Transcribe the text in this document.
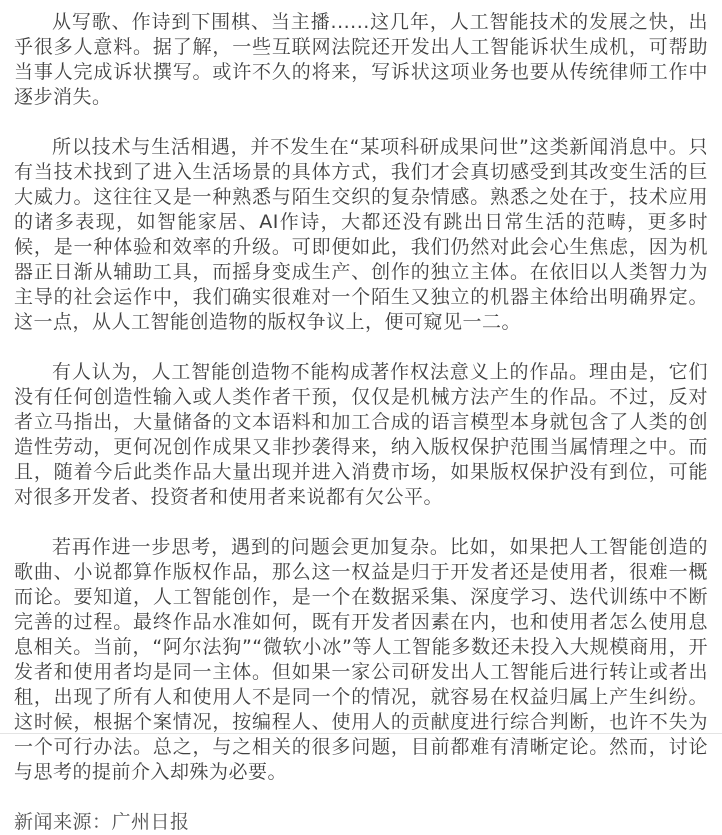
从写歌、作诗到下围棋、当主播......这几年，人工智能技术的发展之快，出乎很多人意料。据了解，一些互联网法院还开发出人工智能诉状生成机，可帮助当事人完成诉状撰写。或许不久的将来，写诉状这项业务也要从传统律师工作中逐步消失。

所以技术与生活相遇，并不发生在“某项科研成果问世”这类新闻消息中。只有当技术找到了进入生活场景的具体方式，我们才会真切感受到其改变生活的巨大威力。这往往又是一种熟悉与陌生交织的复杂情感。熟悉之处在于，技术应用的诸多表现，如智能家居、AI作诗，大都还没有跳出日常生活的范畴，更多时候，是一种体验和效率的升级。可即便如此，我们仍然对此会心生焦虑，因为机器正日渐从辅助工具，而摇身变成生产、创作的独立主体。在依旧以人类智力为主导的社会运作中，我们确实很难对一个陌生又独立的机器主体给出明确界定。这一点，从人工智能创造物的版权争议上，便可窥见一二。

有人认为，人工智能创造物不能构成著作权法意义上的作品。理由是，它们没有任何创造性输入或人类作者干预，仅仅是机械方法产生的作品。不过，反对者立马指出，大量储备的文本语料和加工合成的语言模型本身就包含了人类的创造性劳动，更何况创作成果又非抄袭得来，纳入版权保护范围当属情理之中。而且，随着今后此类作品大量出现并进入消费市场，如果版权保护没有到位，可能对很多开发者、投资者和使用者来说都有欠公平。

若再作进一步思考，遇到的问题会更加复杂。比如，如果把人工智能创造的歌曲、小说都算作版权作品，那么这一权益是归于开发者还是使用者，很难一概而论。要知道，人工智能创作，是一个在数据采集、深度学习、迭代训练中不断完善的过程。最终作品水准如何，既有开发者因素在内，也和使用者怎么使用息息相关。当前，“阿尔法狗”“微软小冰”等人工智能多数还未投入大规模商用，开发者和使用者均是同一主体。但如果一家公司研发出人工智能后进行转让或者出租，出现了所有人和使用人不是同一个的情况，就容易在权益归属上产生纠纷。这时候，根据个案情况，按编程人、使用人的贡献度进行综合判断，也许不失为一个可行办法。总之，与之相关的很多问题，目前都难有清晰定论。然而，讨论与思考的提前介入却殊为必要。

新闻来源：广州日报
